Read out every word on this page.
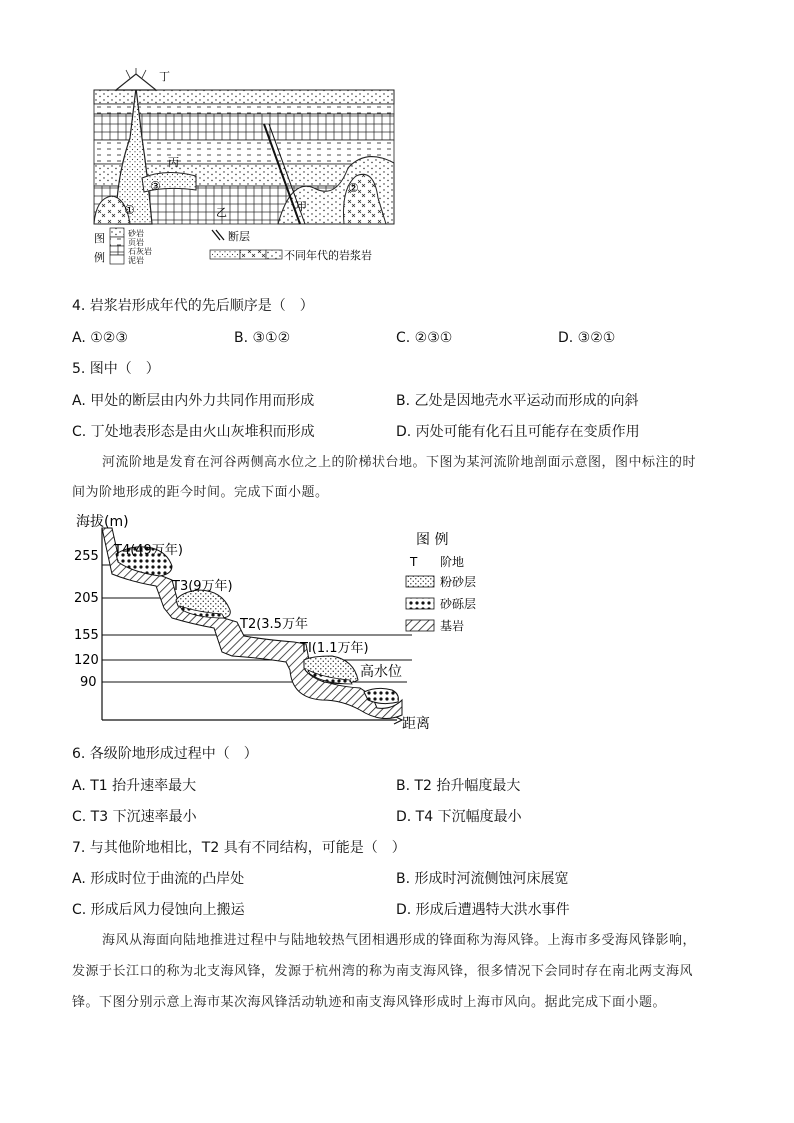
丁
丙
乙	甲
①
②
③
图
例
砂岩
页岩
石灰岩
泥岩
断层
不同年代的岩浆岩
4. 岩浆岩形成年代的先后顺序是（　）
A. ①②③	B. ③①②	C. ②③①	D. ③②①
5. 图中（　）
A. 甲处的断层由内外力共同作用而形成	B. 乙处是因地壳水平运动而形成的向斜
C. 丁处地表形态是由火山灰堆积而形成	D. 丙处可能有化石且可能存在变质作用
河流阶地是发育在河谷两侧高水位之上的阶梯状台地。下图为某河流阶地剖面示意图，图中标注的时
间为阶地形成的距今时间。完成下面小题。
海拔(m)
距离
255
205
155
120
90
T4(49万年)
T3(9万年)
T2(3.5万年
TI(1.1万年)
高水位
图 例
T 阶地
粉砂层
砂砾层
基岩
6. 各级阶地形成过程中（　）
A. T1 抬升速率最大	B. T2 抬升幅度最大
C. T3 下沉速率最小	D. T4 下沉幅度最小
7. 与其他阶地相比，T2 具有不同结构，可能是（　）
A. 形成时位于曲流的凸岸处	B. 形成时河流侧蚀河床展宽
C. 形成后风力侵蚀向上搬运	D. 形成后遭遇特大洪水事件
海风从海面向陆地推进过程中与陆地较热气团相遇形成的锋面称为海风锋。上海市多受海风锋影响，
发源于长江口的称为北支海风锋，发源于杭州湾的称为南支海风锋，很多情况下会同时存在南北两支海风
锋。下图分别示意上海市某次海风锋活动轨迹和南支海风锋形成时上海市风向。据此完成下面小题。
